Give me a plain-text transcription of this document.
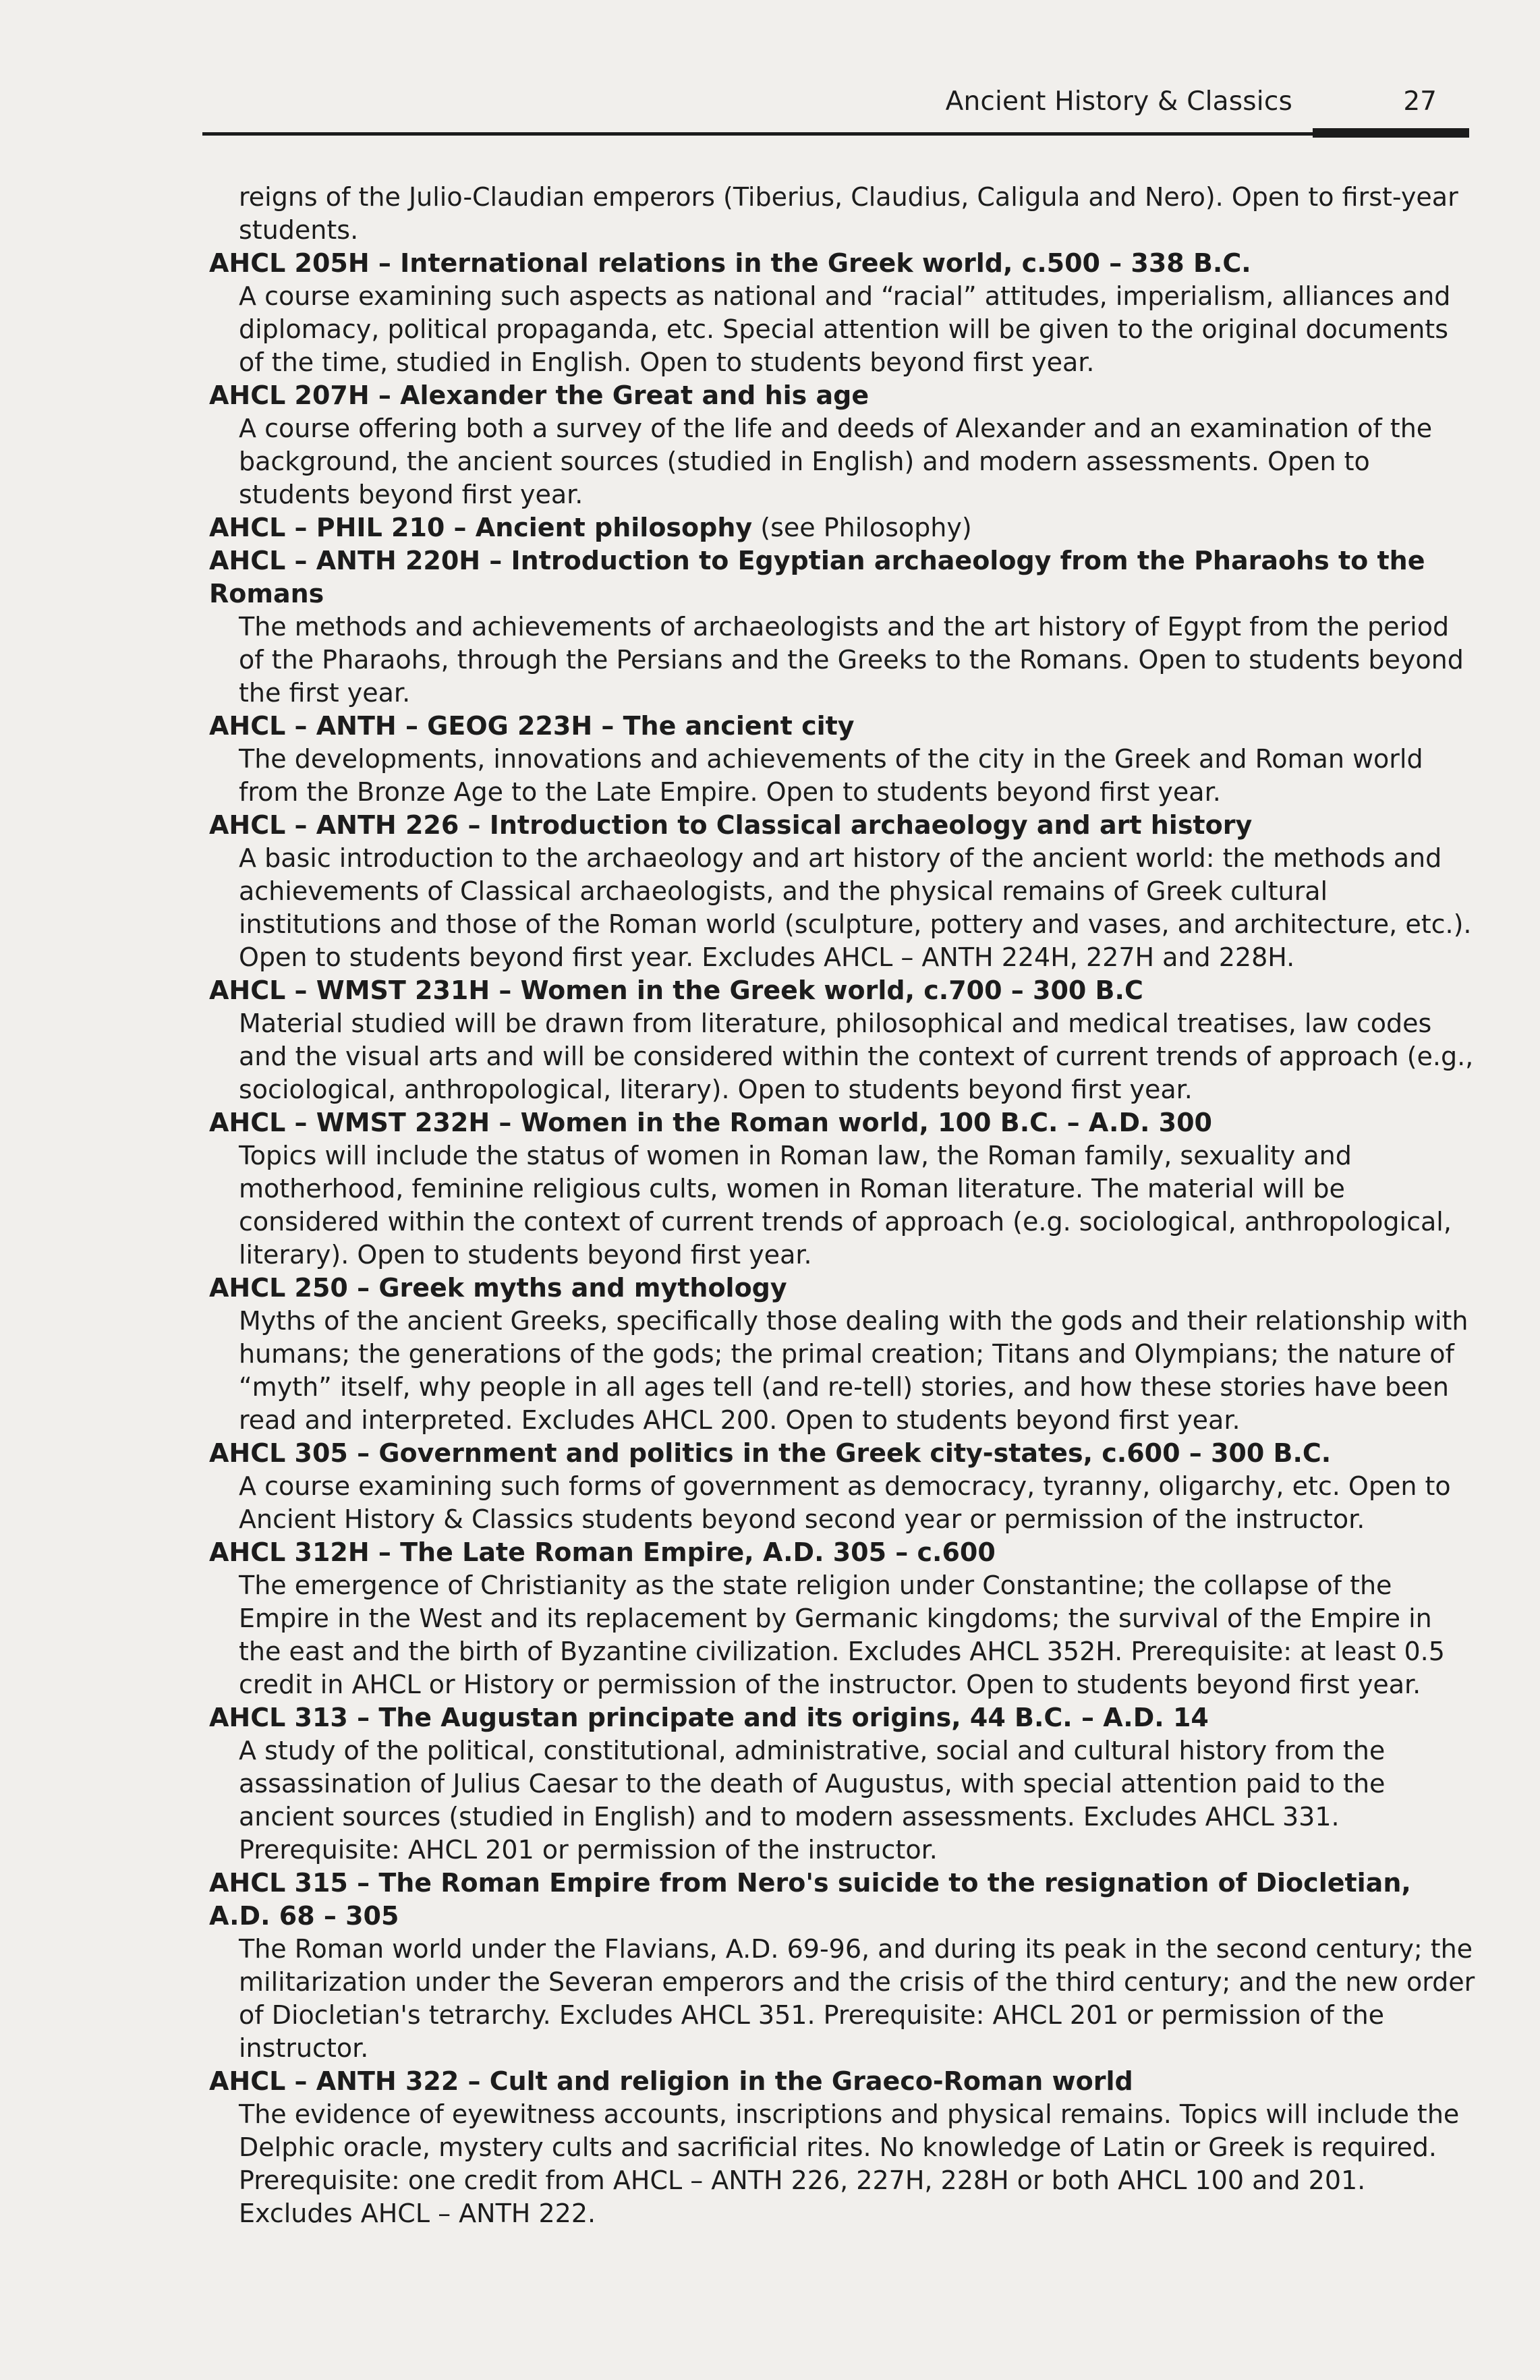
Ancient History & Classics	27
reigns of the Julio-Claudian emperors (Tiberius, Claudius, Caligula and Nero). Open to first-year students.
AHCL 205H – International relations in the Greek world, c.500 – 338 B.C.
A course examining such aspects as national and “racial” attitudes, imperialism, alliances and diplomacy, political propaganda, etc. Special attention will be given to the original documents of the time, studied in English. Open to students beyond first year.
AHCL 207H – Alexander the Great and his age
A course offering both a survey of the life and deeds of Alexander and an examination of the background, the ancient sources (studied in English) and modern assessments. Open to students beyond first year.
AHCL – PHIL 210 – Ancient philosophy (see Philosophy)
AHCL – ANTH 220H – Introduction to Egyptian archaeology from the Pharaohs to the Romans
The methods and achievements of archaeologists and the art history of Egypt from the period of the Pharaohs, through the Persians and the Greeks to the Romans. Open to students beyond the first year.
AHCL – ANTH – GEOG 223H – The ancient city
The developments, innovations and achievements of the city in the Greek and Roman world from the Bronze Age to the Late Empire. Open to students beyond first year.
AHCL – ANTH 226 – Introduction to Classical archaeology and art history
A basic introduction to the archaeology and art history of the ancient world: the methods and achievements of Classical archaeologists, and the physical remains of Greek cultural institutions and those of the Roman world (sculpture, pottery and vases, and architecture, etc.). Open to students beyond first year. Excludes AHCL – ANTH 224H, 227H and 228H.
AHCL – WMST 231H – Women in the Greek world, c.700 – 300 B.C
Material studied will be drawn from literature, philosophical and medical treatises, law codes and the visual arts and will be considered within the context of current trends of approach (e.g., sociological, anthropological, literary). Open to students beyond first year.
AHCL – WMST 232H – Women in the Roman world, 100 B.C. – A.D. 300
Topics will include the status of women in Roman law, the Roman family, sexuality and motherhood, feminine religious cults, women in Roman literature. The material will be considered within the context of current trends of approach (e.g. sociological, anthropological, literary). Open to students beyond first year.
AHCL 250 – Greek myths and mythology
Myths of the ancient Greeks, specifically those dealing with the gods and their relationship with humans; the generations of the gods; the primal creation; Titans and Olympians; the nature of “myth” itself, why people in all ages tell (and re-tell) stories, and how these stories have been read and interpreted. Excludes AHCL 200. Open to students beyond first year.
AHCL 305 – Government and politics in the Greek city-states, c.600 – 300 B.C.
A course examining such forms of government as democracy, tyranny, oligarchy, etc. Open to Ancient History & Classics students beyond second year or permission of the instructor.
AHCL 312H – The Late Roman Empire, A.D. 305 – c.600
The emergence of Christianity as the state religion under Constantine; the collapse of the Empire in the West and its replacement by Germanic kingdoms; the survival of the Empire in the east and the birth of Byzantine civilization. Excludes AHCL 352H. Prerequisite: at least 0.5 credit in AHCL or History or permission of the instructor. Open to students beyond first year.
AHCL 313 – The Augustan principate and its origins, 44 B.C. – A.D. 14
A study of the political, constitutional, administrative, social and cultural history from the assassination of Julius Caesar to the death of Augustus, with special attention paid to the ancient sources (studied in English) and to modern assessments. Excludes AHCL 331. Prerequisite: AHCL 201 or permission of the instructor.
AHCL 315 – The Roman Empire from Nero's suicide to the resignation of Diocletian, A.D. 68 – 305
The Roman world under the Flavians, A.D. 69-96, and during its peak in the second century; the militarization under the Severan emperors and the crisis of the third century; and the new order of Diocletian's tetrarchy. Excludes AHCL 351. Prerequisite: AHCL 201 or permission of the instructor.
AHCL – ANTH 322 – Cult and religion in the Graeco-Roman world
The evidence of eyewitness accounts, inscriptions and physical remains. Topics will include the Delphic oracle, mystery cults and sacrificial rites. No knowledge of Latin or Greek is required. Prerequisite: one credit from AHCL – ANTH 226, 227H, 228H or both AHCL 100 and 201. Excludes AHCL – ANTH 222.
